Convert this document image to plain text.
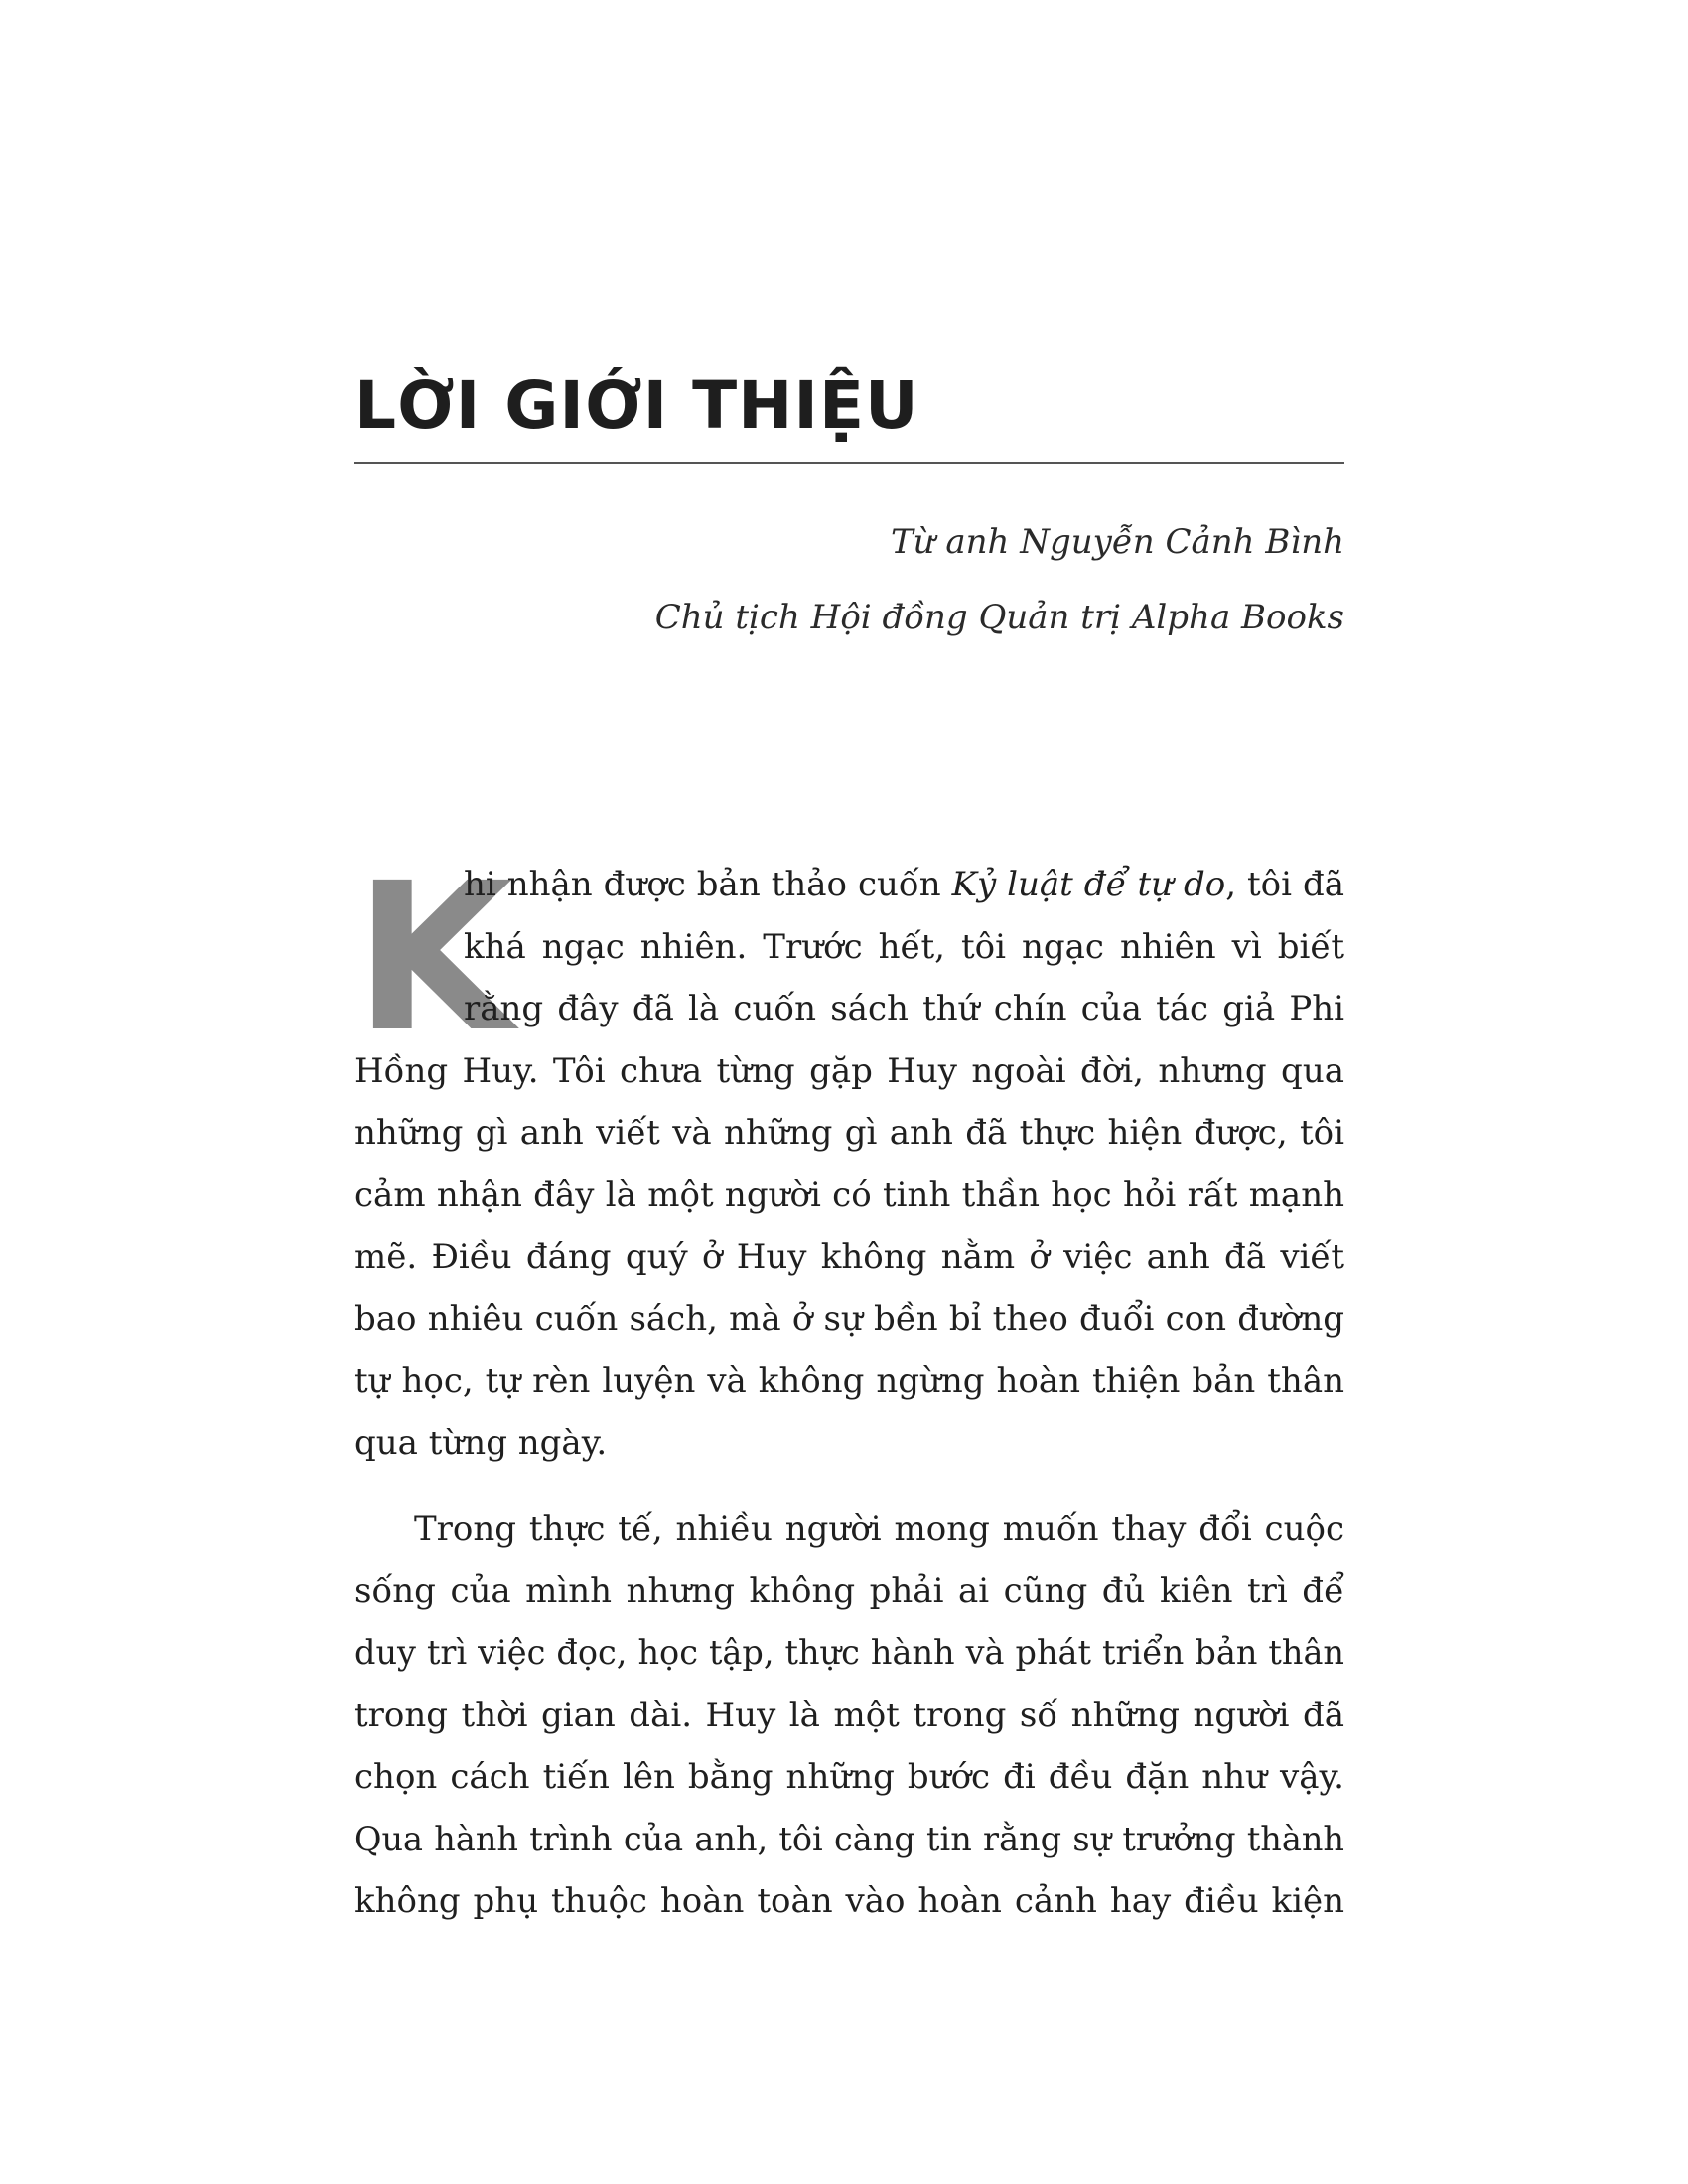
LỜI GIỚI THIỆU
Từ anh Nguyễn Cảnh Bình
Chủ tịch Hội đồng Quản trị Alpha Books
K
hi nhận được bản thảo cuốn Kỷ luật để tự do, tôi đã
khá ngạc nhiên. Trước hết, tôi ngạc nhiên vì biết
rằng đây đã là cuốn sách thứ chín của tác giả Phi
Hồng Huy. Tôi chưa từng gặp Huy ngoài đời, nhưng qua
những gì anh viết và những gì anh đã thực hiện được, tôi
cảm nhận đây là một người có tinh thần học hỏi rất mạnh
mẽ. Điều đáng quý ở Huy không nằm ở việc anh đã viết
bao nhiêu cuốn sách, mà ở sự bền bỉ theo đuổi con đường
tự học, tự rèn luyện và không ngừng hoàn thiện bản thân
qua từng ngày.
Trong thực tế, nhiều người mong muốn thay đổi cuộc
sống của mình nhưng không phải ai cũng đủ kiên trì để
duy trì việc đọc, học tập, thực hành và phát triển bản thân
trong thời gian dài. Huy là một trong số những người đã
chọn cách tiến lên bằng những bước đi đều đặn như vậy.
Qua hành trình của anh, tôi càng tin rằng sự trưởng thành
không phụ thuộc hoàn toàn vào hoàn cảnh hay điều kiện
